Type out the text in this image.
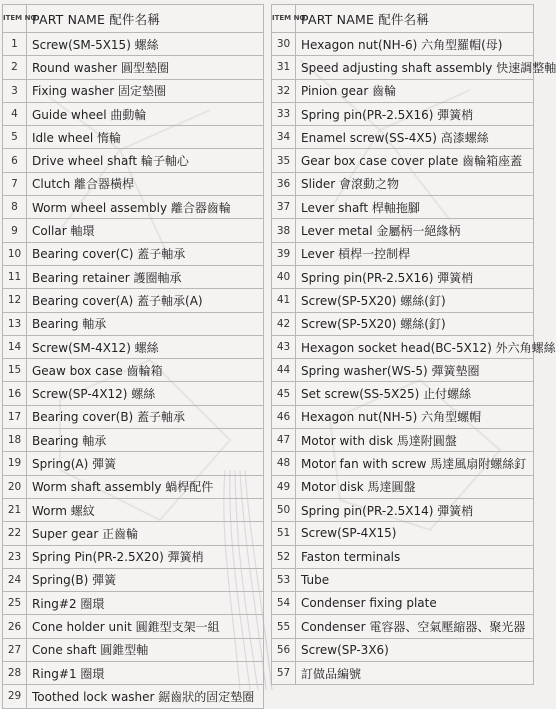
ITEM NO	PART NAME 配件名稱
1	Screw(SM-5X15) 螺絲
2	Round washer 圓型墊圈
3	Fixing washer 固定墊圈
4	Guide wheel 曲動輪
5	Idle wheel 惰輪
6	Drive wheel shaft 輪子軸心
7	Clutch 離合器橫桿
8	Worm wheel assembly 離合器齒輪
9	Collar 軸環
10	Bearing cover(C) 蓋子軸承
11	Bearing retainer 護圈軸承
12	Bearing cover(A) 蓋子軸承(A)
13	Bearing 軸承
14	Screw(SM-4X12) 螺絲
15	Geaw box case 齒輪箱
16	Screw(SP-4X12) 螺絲
17	Bearing cover(B) 蓋子軸承
18	Bearing 軸承
19	Spring(A) 彈簧
20	Worm shaft assembly 蝸桿配件
21	Worm 螺紋
22	Super gear 正齒輪
23	Spring Pin(PR-2.5X20) 彈簧梢
24	Spring(B) 彈簧
25	Ring#2 圈環
26	Cone holder unit 圓錐型支架一組
27	Cone shaft 圓錐型軸
28	Ring#1 圈環
29	Toothed lock washer 鋸齒狀的固定墊圈
ITEM NO	PART NAME 配件名稱
30	Hexagon nut(NH-6) 六角型羅帽(母)
31	Speed adjusting shaft assembly 快速調整軸
32	Pinion gear 齒輪
33	Spring pin(PR-2.5X16) 彈簧梢
34	Enamel screw(SS-4X5) 高漆螺絲
35	Gear box case cover plate 齒輪箱座蓋
36	Slider 會滾動之物
37	Lever shaft 桿軸拖腳
38	Lever metal 金屬柄一絕緣柄
39	Lever 槓桿一控制桿
40	Spring pin(PR-2.5X16) 彈簧梢
41	Screw(SP-5X20) 螺絲(釘)
42	Screw(SP-5X20) 螺絲(釘)
43	Hexagon socket head(BC-5X12) 外六角螺絲
44	Spring washer(WS-5) 彈簧墊圈
45	Set screw(SS-5X25) 止付螺絲
46	Hexagon nut(NH-5) 六角型螺帽
47	Motor with disk 馬達附圓盤
48	Motor fan with screw 馬達風扇附螺絲釘
49	Motor disk 馬達圓盤
50	Spring pin(PR-2.5X14) 彈簧梢
51	Screw(SP-4X15)
52	Faston terminals
53	Tube
54	Condenser fixing plate
55	Condenser 電容器、空氣壓縮器、聚光器
56	Screw(SP-3X6)
57	訂做品編號
